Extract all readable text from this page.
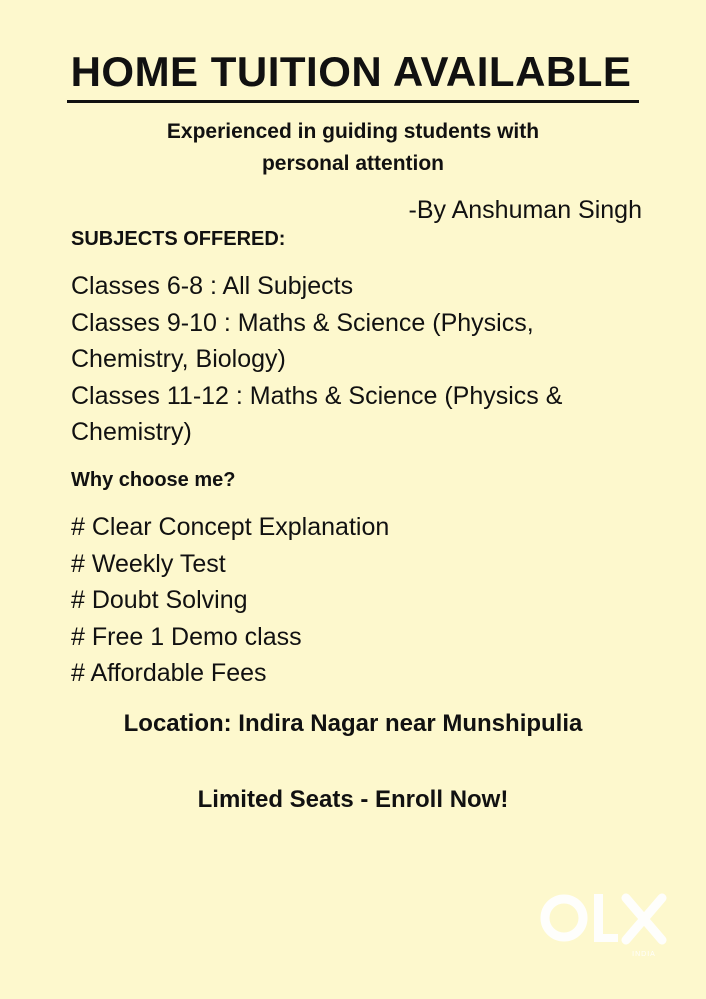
HOME TUITION AVAILABLE
Experienced in guiding students with
personal attention
-By Anshuman Singh
SUBJECTS OFFERED:
Classes 6-8 : All Subjects
Classes 9-10 : Maths & Science (Physics,
Chemistry, Biology)
Classes 11-12 : Maths & Science (Physics &
Chemistry)
Why choose me?
# Clear Concept Explanation
# Weekly Test
# Doubt Solving
# Free 1 Demo class
# Affordable Fees
Location: Indira Nagar near Munshipulia
Limited Seats - Enroll Now!
INDIA
